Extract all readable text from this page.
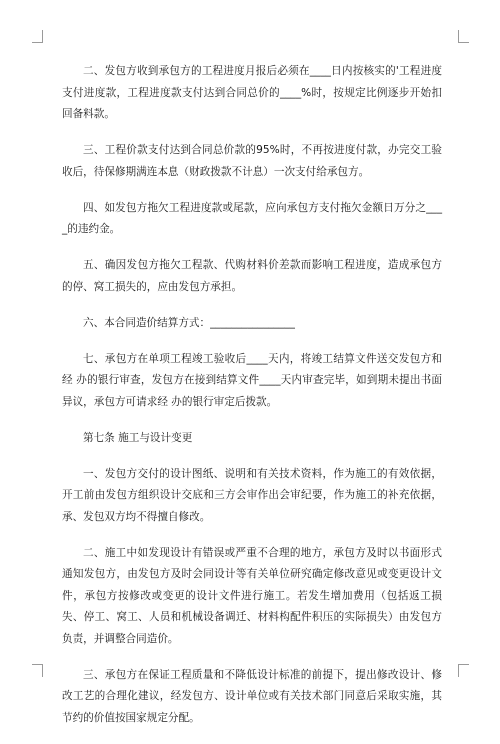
二、发包方收到承包方的工程进度月报后必须在____日内按核实的'工程进度支付进度款，工程进度款支付达到合同总价的____%时，按规定比例逐步开始扣回备料款。

三、工程价款支付达到合同总价款的95%时，不再按进度付款，办完交工验收后，待保修期满连本息（财政拨款不计息）一次支付给承包方。

四、如发包方拖欠工程进度款或尾款，应向承包方支付拖欠金额日万分之____的违约金。

五、确因发包方拖欠工程款、代购材料价差款而影响工程进度，造成承包方的停、窝工损失的，应由发包方承担。

六、本合同造价结算方式：________________

七、承包方在单项工程竣工验收后____天内，将竣工结算文件送交发包方和经 办的银行审查，发包方在接到结算文件____天内审查完毕，如到期未提出书面异议，承包方可请求经 办的银行审定后拨款。

第七条 施工与设计变更

一、发包方交付的设计图纸、说明和有关技术资料，作为施工的有效依据，开工前由发包方组织设计交底和三方会审作出会审纪要，作为施工的补充依据，承、发包双方均不得擅自修改。

二、施工中如发现设计有错误或严重不合理的地方，承包方及时以书面形式通知发包方，由发包方及时会同设计等有关单位研究确定修改意见或变更设计文件，承包方按修改或变更的设计文件进行施工。若发生增加费用（包括返工损失、停工、窝工、人员和机械设备调迁、材料构配件积压的实际损失）由发包方负责，并调整合同造价。

三、承包方在保证工程质量和不降低设计标准的前提下，提出修改设计、修改工艺的合理化建议，经发包方、设计单位或有关技术部门同意后采取实施，其节约的价值按国家规定分配。
